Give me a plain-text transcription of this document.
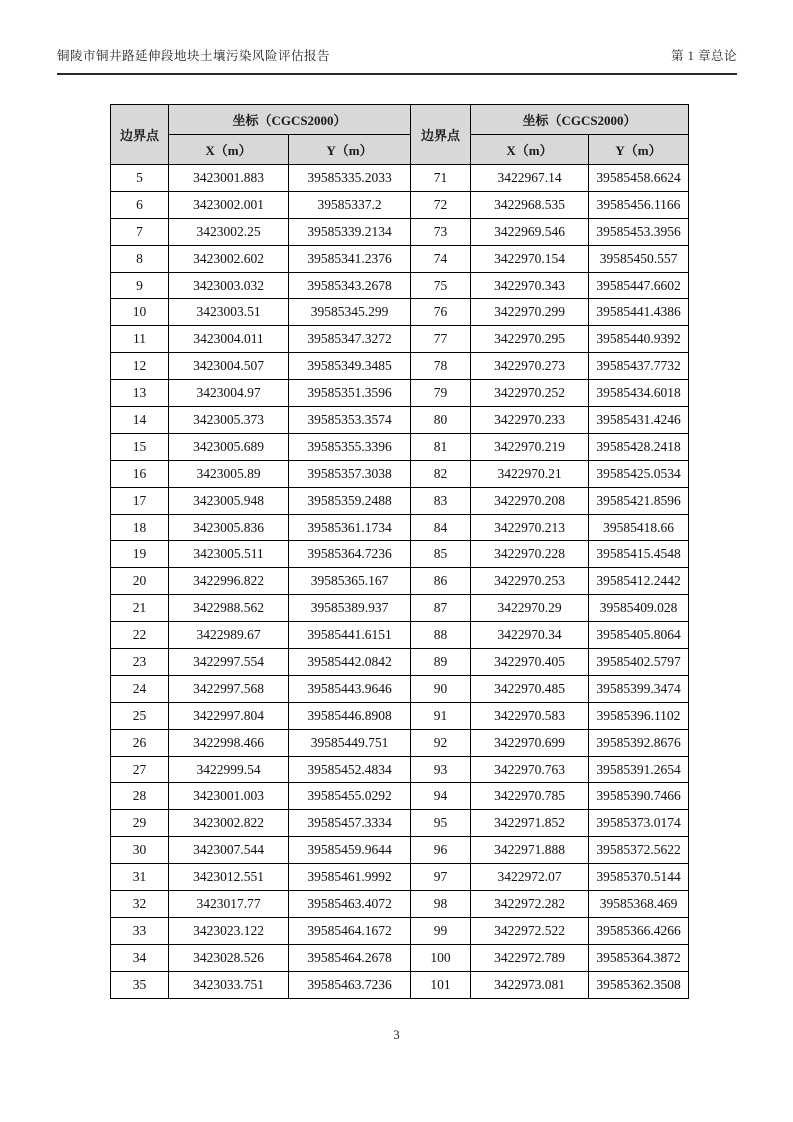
铜陵市铜井路延伸段地块土壤污染风险评估报告	第 1 章总论
边界点	坐标（CGCS2000）		边界点	坐标（CGCS2000）	
	X（m）	Y（m）		X（m）	Y（m）
5	3423001.883	39585335.2033	71	3422967.14	39585458.6624
6	3423002.001	39585337.2	72	3422968.535	39585456.1166
7	3423002.25	39585339.2134	73	3422969.546	39585453.3956
8	3423002.602	39585341.2376	74	3422970.154	39585450.557
9	3423003.032	39585343.2678	75	3422970.343	39585447.6602
10	3423003.51	39585345.299	76	3422970.299	39585441.4386
11	3423004.011	39585347.3272	77	3422970.295	39585440.9392
12	3423004.507	39585349.3485	78	3422970.273	39585437.7732
13	3423004.97	39585351.3596	79	3422970.252	39585434.6018
14	3423005.373	39585353.3574	80	3422970.233	39585431.4246
15	3423005.689	39585355.3396	81	3422970.219	39585428.2418
16	3423005.89	39585357.3038	82	3422970.21	39585425.0534
17	3423005.948	39585359.2488	83	3422970.208	39585421.8596
18	3423005.836	39585361.1734	84	3422970.213	39585418.66
19	3423005.511	39585364.7236	85	3422970.228	39585415.4548
20	3422996.822	39585365.167	86	3422970.253	39585412.2442
21	3422988.562	39585389.937	87	3422970.29	39585409.028
22	3422989.67	39585441.6151	88	3422970.34	39585405.8064
23	3422997.554	39585442.0842	89	3422970.405	39585402.5797
24	3422997.568	39585443.9646	90	3422970.485	39585399.3474
25	3422997.804	39585446.8908	91	3422970.583	39585396.1102
26	3422998.466	39585449.751	92	3422970.699	39585392.8676
27	3422999.54	39585452.4834	93	3422970.763	39585391.2654
28	3423001.003	39585455.0292	94	3422970.785	39585390.7466
29	3423002.822	39585457.3334	95	3422971.852	39585373.0174
30	3423007.544	39585459.9644	96	3422971.888	39585372.5622
31	3423012.551	39585461.9992	97	3422972.07	39585370.5144
32	3423017.77	39585463.4072	98	3422972.282	39585368.469
33	3423023.122	39585464.1672	99	3422972.522	39585366.4266
34	3423028.526	39585464.2678	100	3422972.789	39585364.3872
35	3423033.751	39585463.7236	101	3422973.081	39585362.3508
3
